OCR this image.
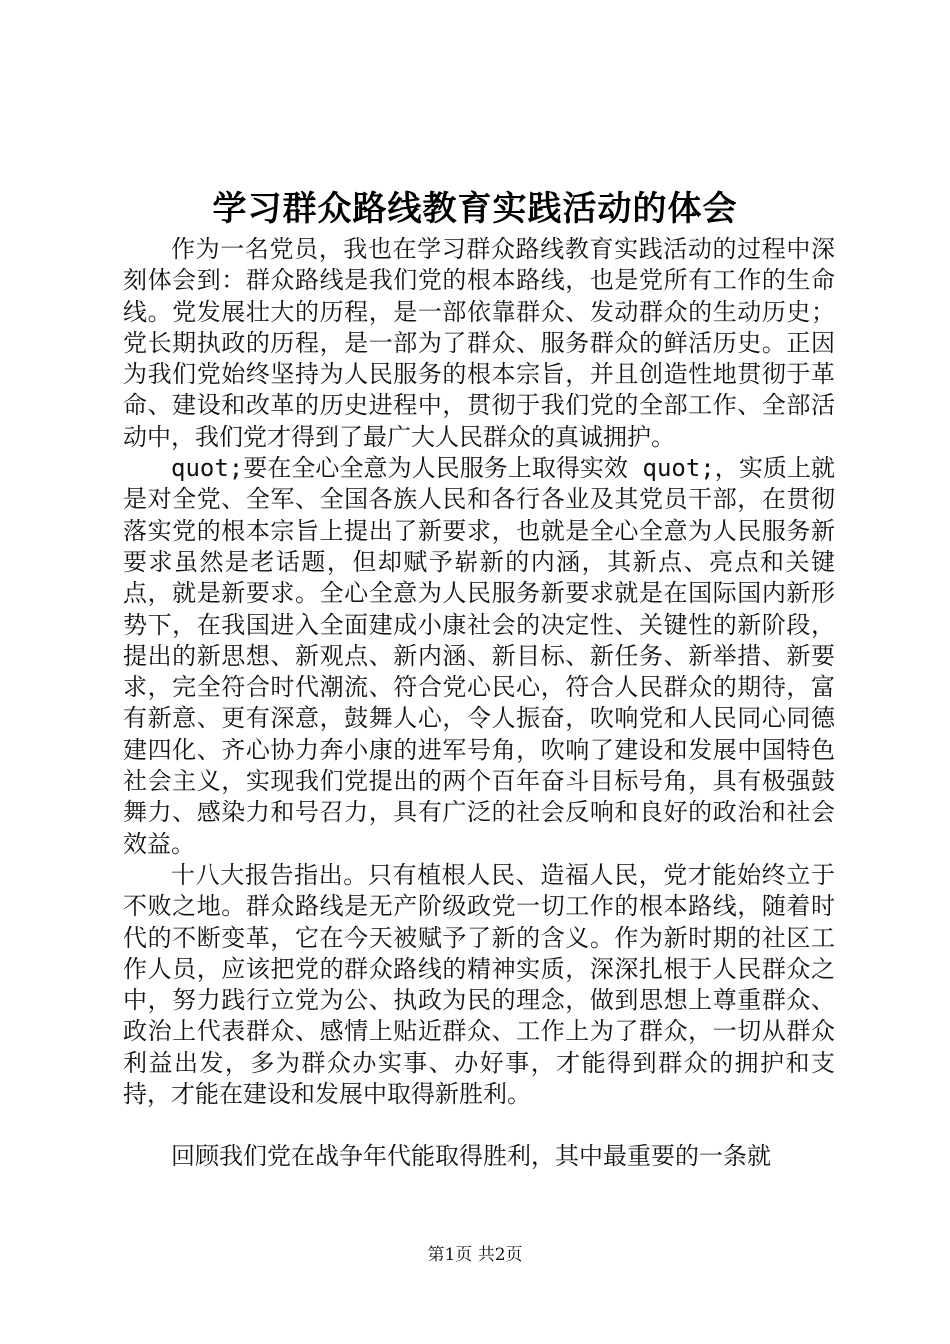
学习群众路线教育实践活动的体会

作为一名党员，我也在学习群众路线教育实践活动的过程中深刻体会到：群众路线是我们党的根本路线，也是党所有工作的生命线。党发展壮大的历程，是一部依靠群众、发动群众的生动历史；党长期执政的历程，是一部为了群众、服务群众的鲜活历史。正因为我们党始终坚持为人民服务的根本宗旨，并且创造性地贯彻于革命、建设和改革的历史进程中，贯彻于我们党的全部工作、全部活动中，我们党才得到了最广大人民群众的真诚拥护。

quot;要在全心全意为人民服务上取得实效 quot;，实质上就是对全党、全军、全国各族人民和各行各业及其党员干部，在贯彻落实党的根本宗旨上提出了新要求，也就是全心全意为人民服务新要求虽然是老话题，但却赋予崭新的内涵，其新点、亮点和关键点，就是新要求。全心全意为人民服务新要求就是在国际国内新形势下，在我国进入全面建成小康社会的决定性、关键性的新阶段，提出的新思想、新观点、新内涵、新目标、新任务、新举措、新要求，完全符合时代潮流、符合党心民心，符合人民群众的期待，富有新意、更有深意，鼓舞人心，令人振奋，吹响党和人民同心同德建四化、齐心协力奔小康的进军号角，吹响了建设和发展中国特色社会主义，实现我们党提出的两个百年奋斗目标号角，具有极强鼓舞力、感染力和号召力，具有广泛的社会反响和良好的政治和社会效益。

十八大报告指出。只有植根人民、造福人民，党才能始终立于不败之地。群众路线是无产阶级政党一切工作的根本路线，随着时代的不断变革，它在今天被赋予了新的含义。作为新时期的社区工作人员，应该把党的群众路线的精神实质，深深扎根于人民群众之中，努力践行立党为公、执政为民的理念，做到思想上尊重群众、政治上代表群众、感情上贴近群众、工作上为了群众，一切从群众利益出发，多为群众办实事、办好事，才能得到群众的拥护和支持，才能在建设和发展中取得新胜利。

回顾我们党在战争年代能取得胜利，其中最重要的一条就

第1页 共2页
